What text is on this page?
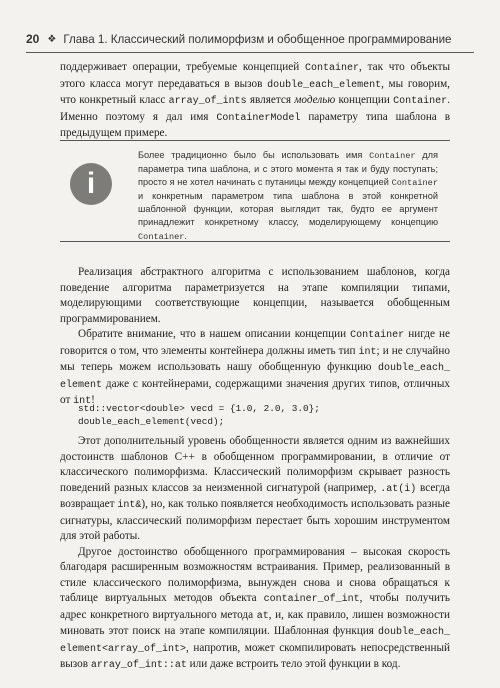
20 ❖ Глава 1. Классический полиморфизм и обобщенное программирование

поддерживает операции, требуемые концепцией Container, так что объекты этого класса могут передаваться в вызов double_each_element, мы говорим, что конкретный класс array_of_ints является моделью концепции Container. Именно поэтому я дал имя ContainerModel параметру типа шаблона в предыдущем примере.

i
Более традиционно было бы использовать имя Container для параметра типа шаблона, и с этого момента я так и буду поступать; просто я не хотел начинать с путаницы между концепцией Container и конкретным параметром типа шаблона в этой конкретной шаблонной функции, которая выглядит так, будто ее аргумент принадлежит конкретному классу, моделирующему концепцию Container.

Реализация абстрактного алгоритма с использованием шаблонов, когда поведение алгоритма параметризуется на этапе компиляции типами, моделирующими соответствующие концепции, называется обобщенным программированием.

Обратите внимание, что в нашем описании концепции Container нигде не говорится о том, что элементы контейнера должны иметь тип int; и не случайно мы теперь можем использовать нашу обобщенную функцию double_each_ element даже с контейнерами, содержащими значения других типов, отличных от int!

std::vector<double> vecd = {1.0, 2.0, 3.0};
double_each_element(vecd);

Этот дополнительный уровень обобщенности является одним из важнейших достоинств шаблонов С++ в обобщенном программировании, в отличие от классического полиморфизма. Классический полиморфизм скрывает разность поведений разных классов за неизменной сигнатурой (например, .at(i) всегда возвращает int&), но, как только появляется необходимость использовать разные сигнатуры, классический полиморфизм перестает быть хорошим инструментом для этой работы.

Другое достоинство обобщенного программирования – высокая скорость благодаря расширенным возможностям встраивания. Пример, реализованный в стиле классического полиморфизма, вынужден снова и снова обращаться к таблице виртуальных методов объекта container_of_int, чтобы получить адрес конкретного виртуального метода at, и, как правило, лишен возможности миновать этот поиск на этапе компиляции. Шаблонная функция double_each_ element<array_of_int>, напротив, может скомпилировать непосредственный вызов array_of_int::at или даже встроить тело этой функции в код.
